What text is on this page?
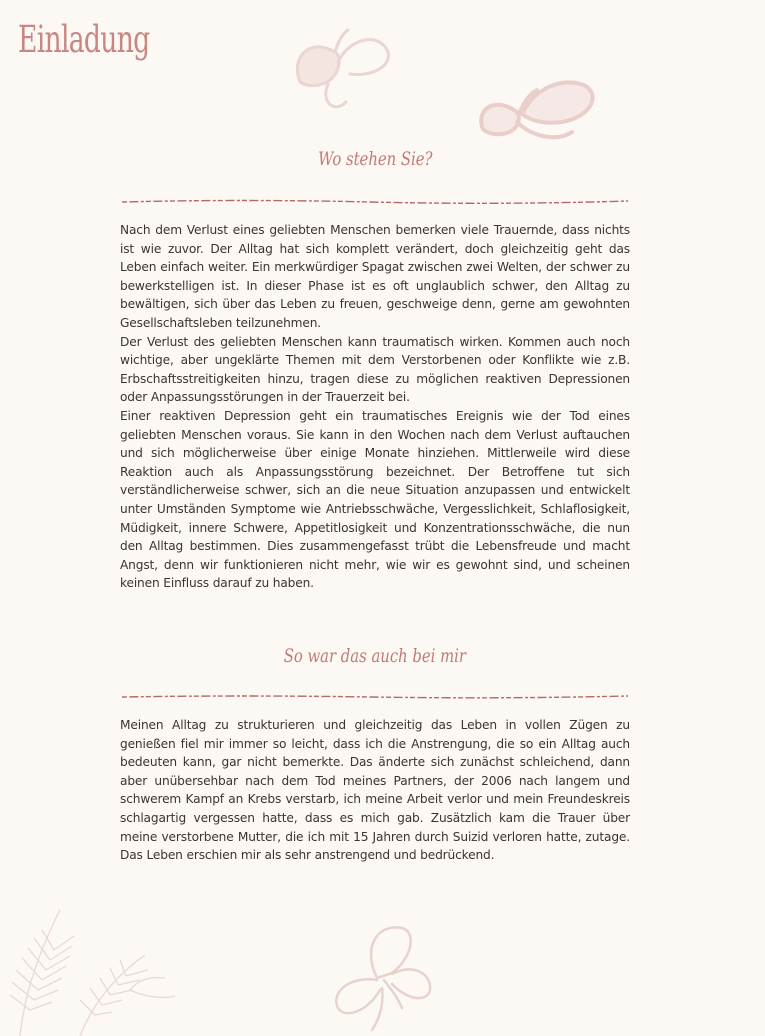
Einladung
Wo stehen Sie?

Nach dem Verlust eines geliebten Menschen bemerken viele Trauernde, dass nichts ist wie zuvor. Der Alltag hat sich komplett verändert, doch gleichzeitig geht das Leben einfach weiter. Ein merkwürdiger Spagat zwischen zwei Welten, der schwer zu bewerkstelligen ist. In dieser Phase ist es oft unglaublich schwer, den Alltag zu bewältigen, sich über das Leben zu freuen, geschweige denn, gerne am gewohnten Gesellschaftsleben teilzunehmen.

Der Verlust des geliebten Menschen kann traumatisch wirken. Kommen auch noch wichtige, aber ungeklärte Themen mit dem Verstorbenen oder Konflikte wie z.B. Erbschaftsstreitigkeiten hinzu, tragen diese zu möglichen reaktiven Depressionen oder Anpassungsstörungen in der Trauerzeit bei.

Einer reaktiven Depression geht ein traumatisches Ereignis wie der Tod eines geliebten Menschen voraus. Sie kann in den Wochen nach dem Verlust auftauchen und sich möglicherweise über einige Monate hinziehen. Mittlerweile wird diese Reaktion auch als Anpassungsstörung bezeichnet. Der Betroffene tut sich verständlicherweise schwer, sich an die neue Situation anzupassen und entwickelt unter Umständen Symptome wie Antriebsschwäche, Vergesslichkeit, Schlaflosigkeit, Müdigkeit, innere Schwere, Appetitlosigkeit und Konzentrationsschwäche, die nun den Alltag bestimmen. Dies zusammengefasst trübt die Lebensfreude und macht Angst, denn wir funktionieren nicht mehr, wie wir es gewohnt sind, und scheinen keinen Einfluss darauf zu haben.

So war das auch bei mir

Meinen Alltag zu strukturieren und gleichzeitig das Leben in vollen Zügen zu genießen fiel mir immer so leicht, dass ich die Anstrengung, die so ein Alltag auch bedeuten kann, gar nicht bemerkte. Das änderte sich zunächst schleichend, dann aber unübersehbar nach dem Tod meines Partners, der 2006 nach langem und schwerem Kampf an Krebs verstarb, ich meine Arbeit verlor und mein Freundeskreis schlagartig vergessen hatte, dass es mich gab. Zusätzlich kam die Trauer über meine verstorbene Mutter, die ich mit 15 Jahren durch Suizid verloren hatte, zutage. Das Leben erschien mir als sehr anstrengend und bedrückend.
